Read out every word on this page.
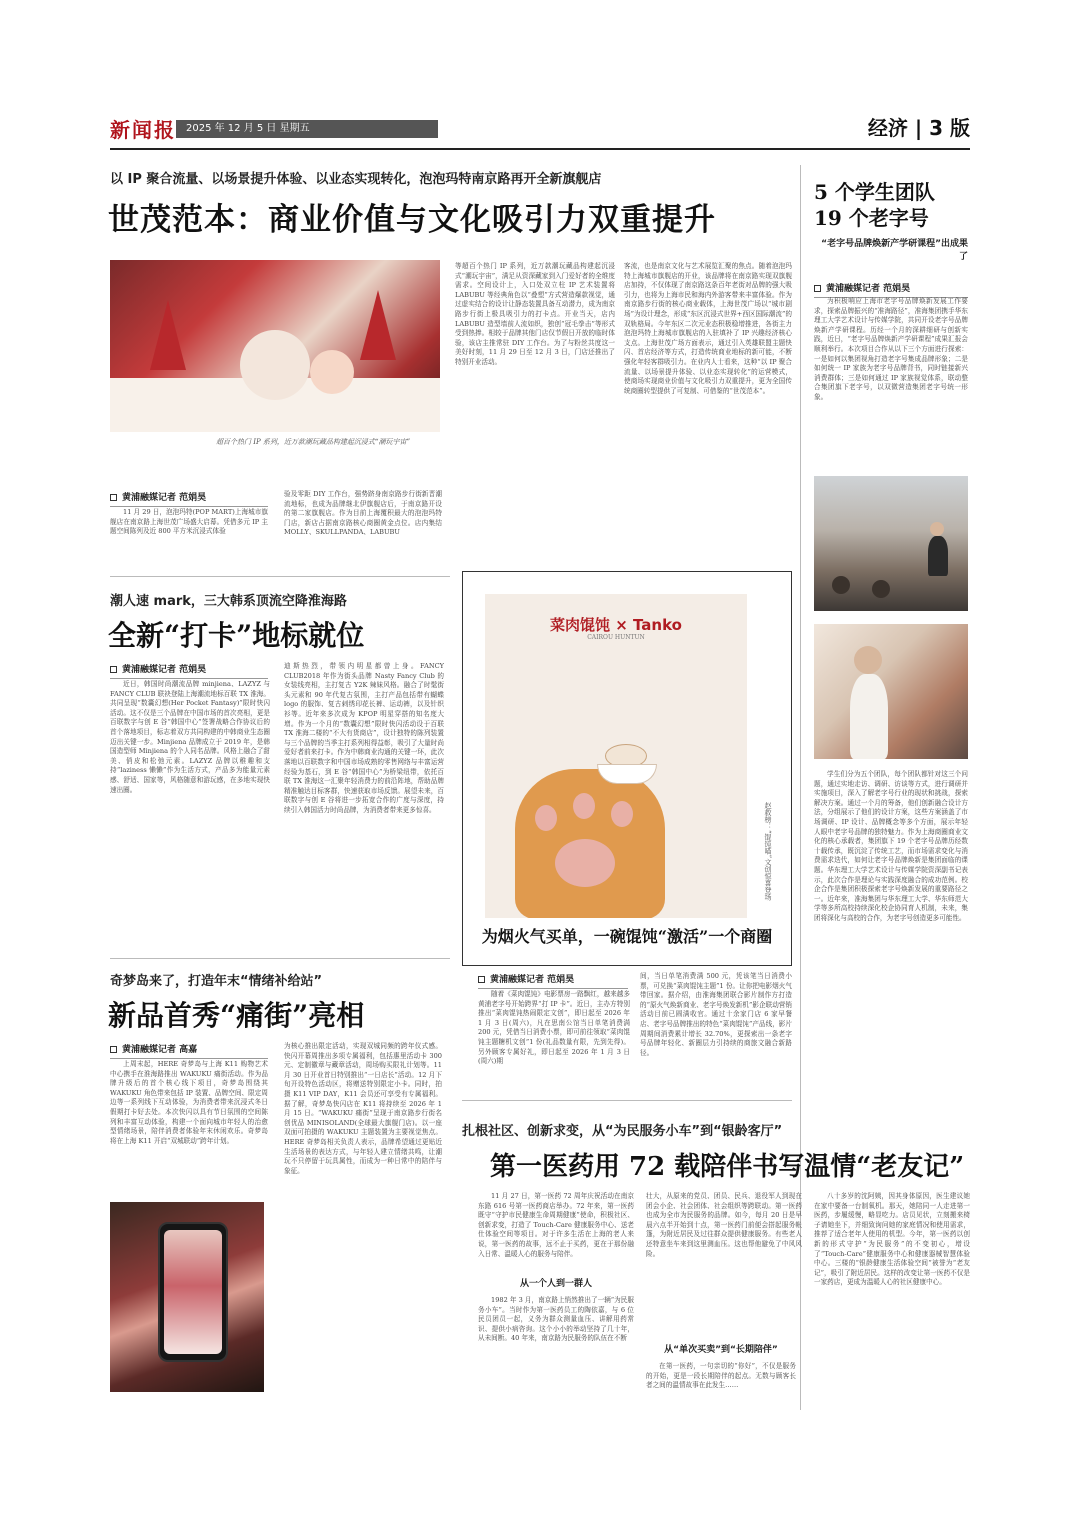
新闻报	2025 年 12 月 5 日 星期五	经济 | 3 版
以 IP 聚合流量、以场景提升体验、以业态实现转化，泡泡玛特南京路再开全新旗舰店
世茂范本：商业价值与文化吸引力双重提升
超百个热门 IP 系列，近万款潮玩藏品构建起沉浸式“潮玩宇宙”
黄浦融媒记者 范娟昊
11 月 29 日，泡泡玛特(POP MART)上海城市旗舰店在南京路上海世茂广场盛大启幕。凭借多元 IP 主题空间陈列及近 800 平方米沉浸式体验
验及零距 DIY 工作台，强势跻身南京路步行街新晋潮流地标，也成为品牌继北伊旗舰店后，于南京路开设的第二家旗舰店。作为目前上海覆积最大的泡泡玛特门店，新店占据南京路核心商圈黄金点位。店内集结 MOLLY、SKULLPANDA、LABUBU
等超百个热门 IP 系列，近万款潮玩藏品构建起沉浸式“潮玩宇宙”，满足从资深藏家到入门爱好者的全维度需求。空间设计上，入口处双立柱 IP 艺术装置将 LABUBU 等经典角色以“叠塑”方式营造爆款视觉，通过虚实结合的设计让静态装置具备互动潜力，成为南京路步行街上极具吸引力的打卡点。开业当天，店内 LABUBU 造型墙前人流如织，独创“冠毛拳击”等形式受到热捧。相较于品牌其他门店仅节假日开放的临时体验，该店主推常驻 DIY 工作台。为了与粉丝共度这一美好时刻，11 月 29 日至 12 月 3 日，门店还推出了特别开业活动。
客流，也是南京文化与艺术展览汇聚的焦点。随着泡泡玛特上海城市旗舰店的开业，该品牌将在南京路实现双旗舰店加持，不仅体现了南京路这条百年老街对品牌的强大吸引力，也将为上海市民和海内外游客带来丰富体验。作为南京路步行街的核心商业载体，上海世茂广场以“城市剧场”为设计理念，形成“东区沉浸式世界+西区国际潮流”的双轨格局。今年东区二次元业态积极稳增推进，各街主力泡泡玛特上海城市旗舰店的入驻填补了 IP 兴趣经济核心支点。上海世茂广场方面表示，通过引入英雄联盟主题快闪、首店经济等方式，打造传统商业地标的新可能，不断强化年轻客群吸引力。在业内人士看来，这种“以 IP 聚合流量、以场景提升体验、以业态实现转化”的运营模式，使商场实现商业价值与文化吸引力双重提升，更为全国传统商圈转型提供了可复制、可借鉴的“世茂范本”。
5 个学生团队
19 个老字号
“老字号品牌焕新产学研课程”出成果了
黄浦融媒记者 范娟昊
为积极响应上海市老字号品牌焕新发展工作要求，探索品牌振兴的“准海路径”，准海集团携手华东理工大学艺术设计与传媒学院，共同开设老字号品牌焕新产学研课程。历经一个月的深耕细研与创新实践，近日，“老字号品牌焕新产学研课程”成果汇报会顺利举行。本次项目合作从以下三个方面进行探索：一是如何以集团视角打造老字号集成品牌形象；二是如何统一 IP 家族为老字号品牌背书，同时链接新兴消费群体；三是如何通过 IP 家族视觉体系，联动整合集团旗下老字号，以双微营造集团老字号统一形象。
学生们分为五个团队，每个团队都针对这三个问题，通过实地走访、调研、访谈等方式，进行调研并实施项目，深入了解老字号行业的现状和挑战，探索解决方案。通过一个月的筹备，他们创新融合设计方法，分组展示了他们的设计方案，这些方案涵盖了市场调研、IP 设计、品牌概念等多个方面，展示年轻人眼中老字号品牌的独特魅力。作为上海商圈商业文化的核心承载者，集团旗下 19 个老字号品牌历经数十载传承，既沉淀了传统工艺，而市场需求变化与消费需求迭代，如何让老字号品牌焕新是集团面临的课题。华东理工大学艺术设计与传媒学院资深副书记表示，此次合作是理论与实践深度融合的成功范例。校企合作是集团积极探索老字号焕新发展的重要路径之一。近年来，准海集团与华东理工大学、华东师范大学等多所高校持续深化校企协同育人机制，未来，集团将深化与高校的合作，为老字号创造更多可能性。
潮人速 mark，三大韩系顶流空降淮海路
全新“打卡”地标就位
黄浦融媒记者 范娟昊
近日，韩国时尚潮流品牌 minjiena、LAZYZ 与 FANCY CLUB 联袂登陆上海潮流地标百联 TX 淮海。共同呈现“数囊幻想(Her Pocket Fantasy)”限时快闪活动。这不仅是三个品牌在中国市场的首次亮相，更是百联数字与创 E 谷“韩国中心”签署战略合作协议后的首个落地项目，标志着双方共同构建的中韩商业生态圈迈出关键一步。Minjiena 品牌成立于 2019 年，是韩国造型师 Minjiena 的个人同名品牌。风格上融合了甜美、俏皮和松弛元素。LAZYZ 品牌以稚趣和支持“laziness 懒懒”作为生活方式，产品多为能量元素感、舒适、国家等，风格随意和游玩感，在多地实现快速出圈。
迪斯热烈，带领内明星都曾上身。FANCY CLUB2018 年作为街头品牌 Nasty Fancy Club 的女装线亮相，主打复古 Y2K 辣妹风格。融合了时髦街头元素和 90 年代复古氛围，主打产品包括带有蝴蝶 logo 的服饰、复古刺绣印花长裤、运动裤，以及针织衫等。近年来多次成为 KPOP 明星穿搭的知名度大增。作为一个月的“数囊幻想”限时快闪活动设于百联 TX 淮海二楼的“不大有货商店”，设计独特的陈列装置与三个品牌的当季主打系列相得益彰，吸引了大量时尚爱好者前来打卡。作为中韩商业沟通的关键一环，此次落地以百联数字和中国市场成熟的零售网络与丰富运营经验为基石，到 E 谷“韩国中心”为桥梁纽带，依托百联 TX 淮海这一汇聚年轻消费力的前沿阵地，帮助品牌精准触达目标客群，快速获取市场反馈。展望未来，百联数字与创 E 谷将进一步拓宽合作的广度与深度，持续引入韩国活力时尚品牌，为消费者带来更多惊喜。
菜肉馄饨 × Tanko
CAIROU HUNTUN
赵救榜：“馄饨喵”文创惊喜登场
为烟火气买单，一碗馄饨“激活”一个商圈
黄浦融媒记者 范娟昊
随着《菜肉馄饨》电影票房一路飘红，越来越多黄浦老字号开始跨界“打 IP 卡”。近日，主办方特别推出“菜肉馄饨热闹限定文创”，即日起至 2026 年 1 月 3 日(周六)，凡在思南公馆当日单笔消费满 200 元，凭借当日消费小票，即可前往领取“菜肉馄饨主题糖机文创”1 份(礼品数量有限，先到先得)。另外顾客专属好礼，即日起至 2026 年 1 月 3 日(周六)期
间，当日单笔消费满 500 元，凭该笔当日消费小票，可兑换“菜肉馄饨主题”1 份。让你把电影烟火气带回家。据介绍，由淮海集团联合影片制作方打造的“原火气焕新商业、老字号焕发新机”影企联动营销活动目前已圆满收官。通过十余家门店 6 家早餐店、老字号品牌推出的特色“菜肉馄饨”产品线，影片周期间消费累计增长 32.70%，更探索出一条老字号品牌年轻化、新圈层力引持续的商旅文融合新路径。
奇梦岛来了，打造年末“情绪补给站”
新品首秀“痛街”亮相
黄浦融媒记者 高嘉
上周末起，HERE 奇梦岛与上海 K11 购物艺术中心携手在淮海路推出 WAKUKU 痛街活动。作为品牌升级后的首个核心线下项目，奇梦岛围绕其 WAKUKU 角色带来包括 IP 装置、品牌空间、限定周边等一系列线下互动体验，为消费者带来沉浸式冬日假期打卡好去处。本次快闪以具有节日氛围的空间陈列和丰富互动体验，构建一个面向城市年轻人的治愈型情绪场景，陪伴消费者体验年末休闲欢乐。奇梦岛将在上海 K11 开启“双城联动”跨年计划。
为核心推出限定活动，实现双城同频的跨年仪式感。快闪开幕周推出多项专属福利，包括惠里活动卡 300 元、定制徽章与藏章活动，周场购买限礼计划等。11 月 30 日开业首日特别推出“一日店长”活动。12 月下旬开设特色活动区，将赠送特别限定小卡。同时，拍摄 K11 VIP DAY，K11 会员还可享受有专属福利。据了解，奇梦岛快闪店在 K11 将持续至 2026 年 1 月 15 日。“WAKUKU 痛街”呈现于南京路步行街名创优品 MINISOLAND(全球最大旗舰门店)。以一座双面可拍摄的 WAKUKU 主题装置为主要视觉焦点。HERE 奇梦岛相关负责人表示，品牌希望通过更贴近生活场景的表达方式，与年轻人建立情绪共鸣，让潮玩不只停留于玩具属性，而成为一种日常中的陪伴与象征。
扎根社区、创新求变，从“为民服务小车”到“银龄客厅”
第一医药用 72 载陪伴书写温情“老友记”
11 月 27 日，第一医药 72 周年庆祝活动在南京东路 616 号第一医药商店举办。72 年来，第一医药既守“守护市民健康生命周期健康”使命，积极社区、创新求变，打造了 Touch-Care 健康服务中心、送老仕体验空间等项目。对于许多生活在上海的老人来说，第一医药的故事，远不止于买药，更在于那份融入日常、温暖人心的服务与陪伴。
从一个人到一群人
1982 年 3 月，南京路上悄然推出了一辆“为民服务小车”。当时作为第一医药员工的陶依嘉，与 6 位民员团员一起，义务为群众测量血压、讲解用药常识、提供小病咨询。这个小小的举动坚持了几十年，从未间断。40 年来，南京路为民服务的队伍在不断
壮大，从原来的党员、团员、民兵、退役军人到现在团会小企、社会团体、社会组织等跨联动。第一医药也成为全市为民服务的品牌。如今，每月 20 日是早晨六点半开始到十点，第一医药门前便会搭起服务帐篷，为附近居民及过往群众提供健康服务。有些老人还特意坐车来到这里测血压。这也帮他避免了中风风险。
从“单次买卖”到“长期陪伴”
在第一医药，一句亲切的“你好”，不仅是服务的开始，更是一段长期陪伴的起点。无数与顾客长者之间的温情故事在此发生……
八十多岁的沈阿姨，因其身体原因，医生建议她在家中要备一台制氧机。那天，她陪同一人走进第一医药，步履缓慢，略显吃力。店员见状，立刻搬来椅子请她坐下，并细致询问她的家庭情况和使用需求，推荐了适合老年人使用的机型。今年，第一医药以创新的形式守护“为民服务”的不变初心，增设了“Touch-Care”健康服务中心和健康器械智慧体验中心。三楼的“银龄健康生活体验空间”被誉为“老友记”，吸引了附近居民。这样的改变让第一医药不仅是一家药店，更成为温暖人心的社区健康中心。
